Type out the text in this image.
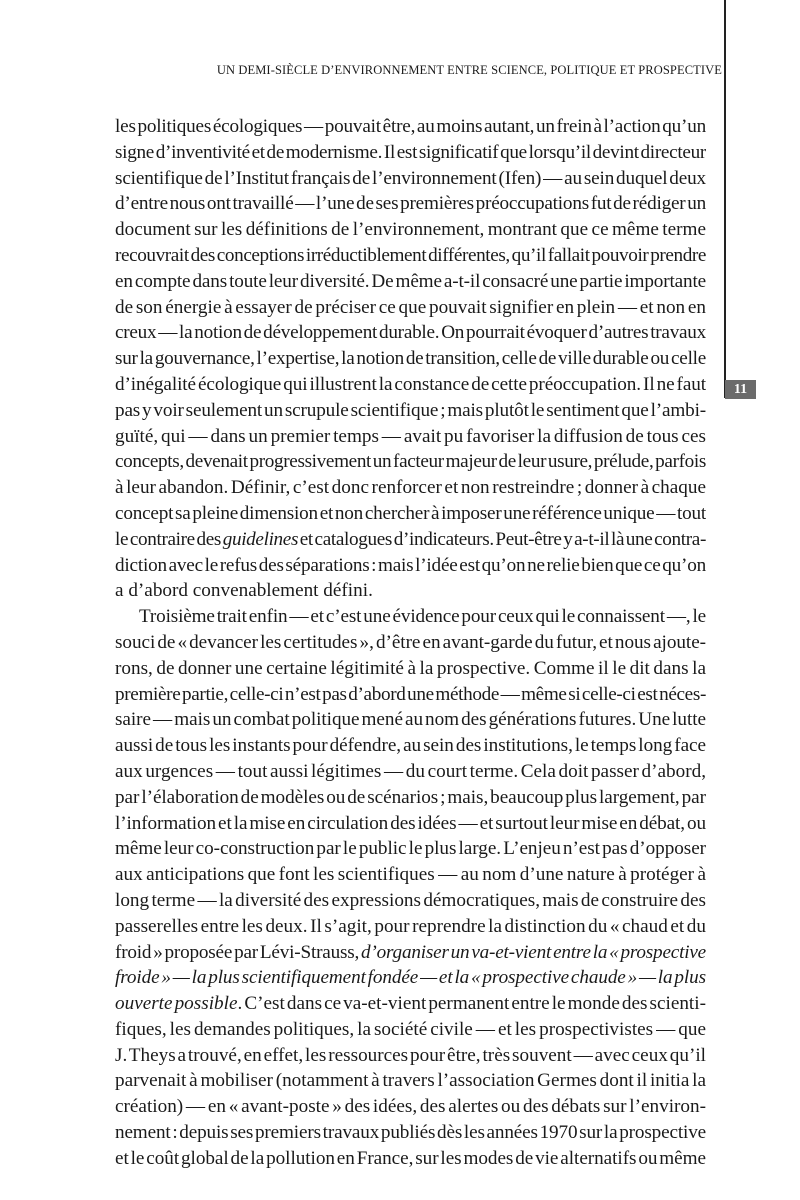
11
UN DEMI-SIÈCLE D’ENVIRONNEMENT ENTRE SCIENCE, POLITIQUE ET PROSPECTIVE
les politiques écologiques — pouvait être, au moins autant, un frein à l’action qu’un
signe d’inventivité et de modernisme. Il est significatif que lorsqu’il devint directeur
scientifique de l’Institut français de l’environnement (Ifen) — au sein duquel deux
d’entre nous ont travaillé — l’une de ses premières préoccupations fut de rédiger un
document sur les définitions de l’environnement, montrant que ce même terme
recouvrait des conceptions irréductiblement différentes, qu’il fallait pouvoir prendre
en compte dans toute leur diversité. De même a-t-il consacré une partie importante
de son énergie à essayer de préciser ce que pouvait signifier en plein — et non en
creux — la notion de développement durable. On pourrait évoquer d’autres travaux
sur la gouvernance, l’expertise, la notion de transition, celle de ville durable ou celle
d’inégalité écologique qui illustrent la constance de cette préoccupation. Il ne faut
pas y voir seulement un scrupule scientifique ; mais plutôt le sentiment que l’ambi-
guïté, qui — dans un premier temps — avait pu favoriser la diffusion de tous ces
concepts, devenait progressivement un facteur majeur de leur usure, prélude, parfois
à leur abandon. Définir, c’est donc renforcer et non restreindre ; donner à chaque
concept sa pleine dimension et non chercher à imposer une référence unique — tout
le contraire des guidelines et catalogues d’indicateurs. Peut-être y a-t-il là une contra-
diction avec le refus des séparations : mais l’idée est qu’on ne relie bien que ce qu’on
a d’abord convenablement défini.
Troisième trait enfin — et c’est une évidence pour ceux qui le connaissent —, le
souci de « devancer les certitudes », d’être en avant-garde du futur, et nous ajoute-
rons, de donner une certaine légitimité à la prospective. Comme il le dit dans la
première partie, celle-ci n’est pas d’abord une méthode — même si celle-ci est néces-
saire — mais un combat politique mené au nom des générations futures. Une lutte
aussi de tous les instants pour défendre, au sein des institutions, le temps long face
aux urgences — tout aussi légitimes — du court terme. Cela doit passer d’abord,
par l’élaboration de modèles ou de scénarios ; mais, beaucoup plus largement, par
l’information et la mise en circulation des idées — et surtout leur mise en débat, ou
même leur co-construction par le public le plus large. L’enjeu n’est pas d’opposer
aux anticipations que font les scientifiques — au nom d’une nature à protéger à
long terme — la diversité des expressions démocratiques, mais de construire des
passerelles entre les deux. Il s’agit, pour reprendre la distinction du « chaud et du
froid » proposée par Lévi-Strauss, d’organiser un va-et-vient entre la « prospective
froide » — la plus scientifiquement fondée — et la « prospective chaude » — la plus
ouverte possible. C’est dans ce va-et-vient permanent entre le monde des scienti-
fiques, les demandes politiques, la société civile — et les prospectivistes — que
J. Theys a trouvé, en effet, les ressources pour être, très souvent — avec ceux qu’il
parvenait à mobiliser (notamment à travers l’association Germes dont il initia la
création) — en « avant-poste » des idées, des alertes ou des débats sur l’environ-
nement : depuis ses premiers travaux publiés dès les années 1970 sur la prospective
et le coût global de la pollution en France, sur les modes de vie alternatifs ou même
